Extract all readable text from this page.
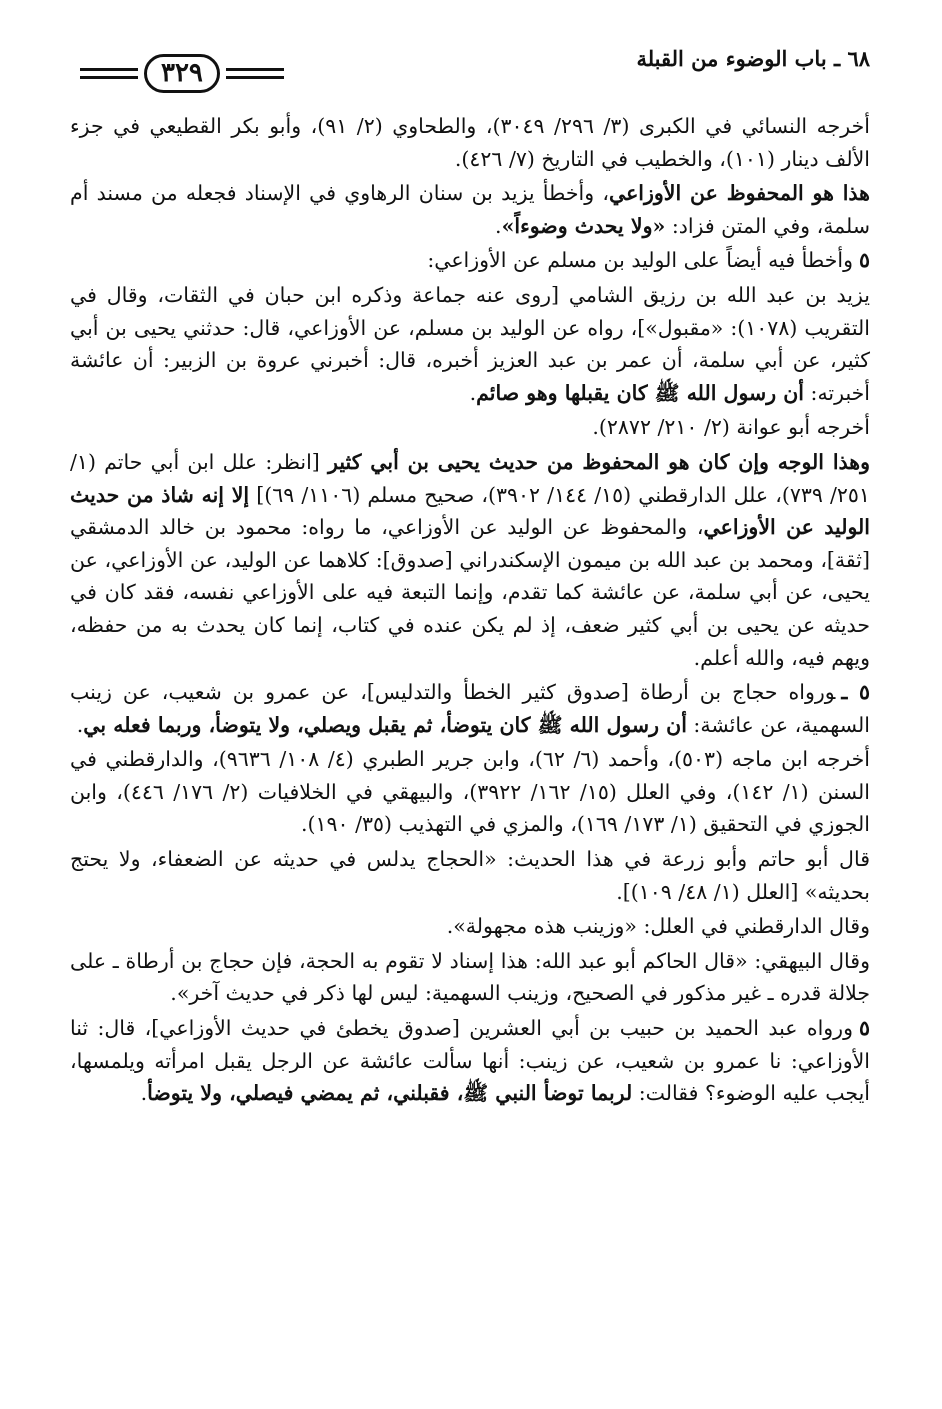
٦٨ ـ باب الوضوء من القبلة
٣٢٩

أخرجه النسائي في الكبرى (٣/ ٢٩٦/ ٣٠٤٩)، والطحاوي (٢/ ٩١)، وأبو بكر القطيعي في جزء الألف دينار (١٠١)، والخطيب في التاريخ (٧/ ٤٢٦).

هذا هو المحفوظ عن الأوزاعي، وأخطأ يزيد بن سنان الرهاوي في الإسناد فجعله من مسند أم سلمة، وفي المتن فزاد: «ولا يحدث وضوءاً».

٥وأخطأ فيه أيضاً على الوليد بن مسلم عن الأوزاعي:

يزيد بن عبد الله بن رزيق الشامي [روى عنه جماعة وذكره ابن حبان في الثقات، وقال في التقريب (١٠٧٨): «مقبول»]، رواه عن الوليد بن مسلم، عن الأوزاعي، قال: حدثني يحيى بن أبي كثير، عن أبي سلمة، أن عمر بن عبد العزيز أخبره، قال: أخبرني عروة بن الزبير: أن عائشة أخبرته: أن رسول الله ﷺ كان يقبلها وهو صائم.

أخرجه أبو عوانة (٢/ ٢١٠/ ٢٨٧٢).

وهذا الوجه وإن كان هو المحفوظ من حديث يحيى بن أبي كثير [انظر: علل ابن أبي حاتم (١/ ٢٥١/ ٧٣٩)، علل الدارقطني (١٥/ ١٤٤/ ٣٩٠٢)، صحيح مسلم (١١٠٦/ ٦٩)] إلا إنه شاذ من حديث الوليد عن الأوزاعي، والمحفوظ عن الوليد عن الأوزاعي، ما رواه: محمود بن خالد الدمشقي [ثقة]، ومحمد بن عبد الله بن ميمون الإسكندراني [صدوق]: كلاهما عن الوليد، عن الأوزاعي، عن يحيى، عن أبي سلمة، عن عائشة كما تقدم، وإنما التبعة فيه على الأوزاعي نفسه، فقد كان في حديثه عن يحيى بن أبي كثير ضعف، إذ لم يكن عنده في كتاب، إنما كان يحدث به من حفظه، ويهم فيه، والله أعلم.

٥ ـورواه حجاج بن أرطاة [صدوق كثير الخطأ والتدليس]، عن عمرو بن شعيب، عن زينب السهمية، عن عائشة: أن رسول الله ﷺ كان يتوضأ، ثم يقبل ويصلي، ولا يتوضأ، وربما فعله بي.

أخرجه ابن ماجه (٥٠٣)، وأحمد (٦/ ٦٢)، وابن جرير الطبري (٤/ ١٠٨/ ٩٦٣٦)، والدارقطني في السنن (١/ ١٤٢)، وفي العلل (١٥/ ١٦٢/ ٣٩٢٢)، والبيهقي في الخلافيات (٢/ ١٧٦/ ٤٤٦)، وابن الجوزي في التحقيق (١/ ١٧٣/ ١٦٩)، والمزي في التهذيب (٣٥/ ١٩٠).

قال أبو حاتم وأبو زرعة في هذا الحديث: «الحجاج يدلس في حديثه عن الضعفاء، ولا يحتج بحديثه» [العلل (١/ ٤٨/ ١٠٩)].

وقال الدارقطني في العلل: «وزينب هذه مجهولة».

وقال البيهقي: «قال الحاكم أبو عبد الله: هذا إسناد لا تقوم به الحجة، فإن حجاج بن أرطاة ـ على جلالة قدره ـ غير مذكور في الصحيح، وزينب السهمية: ليس لها ذكر في حديث آخر».

٥ورواه عبد الحميد بن حبيب بن أبي العشرين [صدوق يخطئ في حديث الأوزاعي]، قال: ثنا الأوزاعي: نا عمرو بن شعيب، عن زينب: أنها سألت عائشة عن الرجل يقبل امرأته ويلمسها، أيجب عليه الوضوء؟ فقالت: لربما توضأ النبي ﷺ، فقبلني، ثم يمضي فيصلي، ولا يتوضأ.
